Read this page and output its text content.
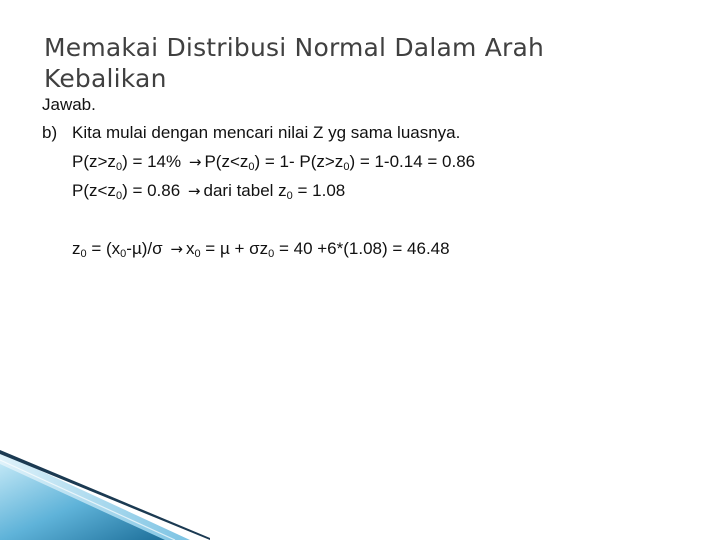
Memakai Distribusi Normal Dalam Arah
Kebalikan
Jawab.
b) Kita mulai dengan mencari nilai Z yg sama luasnya.
$P(z>z_0) = 14\% \to P(z<z_0) = 1-$ $P(z>z_0) = 1-0.14 = 0.86$
$P(z<z_0) = 0.86$ → dari tabel $z_0 = 1.08$
$z_0 = (x_0-\mu)/\sigma \to x_0 = \mu + \sigma z_0 = 40 +6*(1.08) = 46.48$
